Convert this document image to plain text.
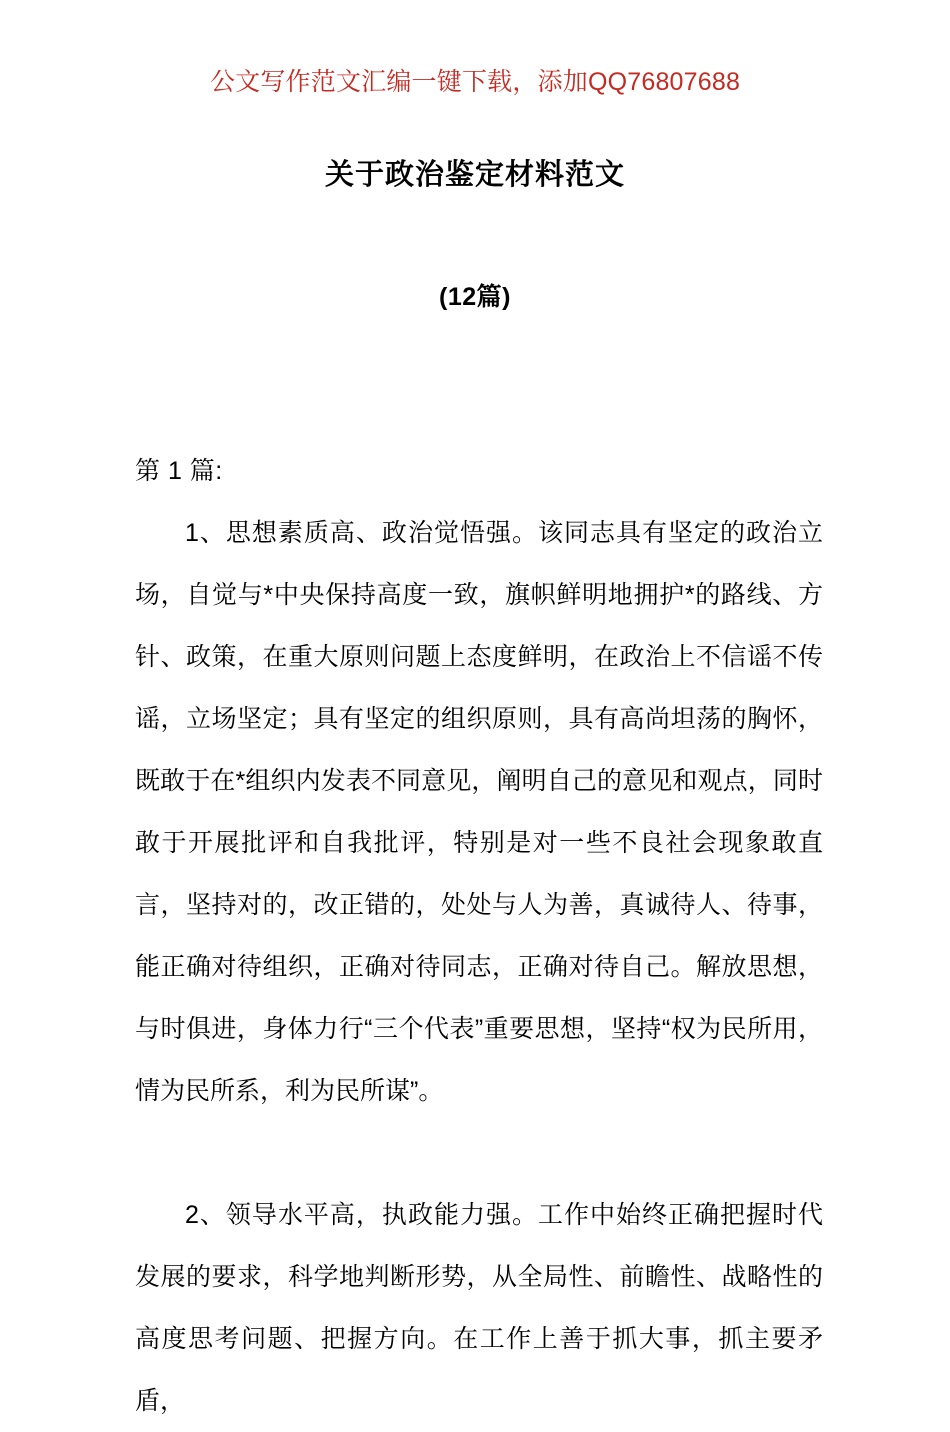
公文写作范文汇编一键下载，添加QQ76807688
关于政治鉴定材料范文
(12篇)
第 1 篇:

1、思想素质高、政治觉悟强。该同志具有坚定的政治立场，自觉与*中央保持高度一致，旗帜鲜明地拥护*的路线、方针、政策，在重大原则问题上态度鲜明，在政治上不信谣不传谣，立场坚定；具有坚定的组织原则，具有高尚坦荡的胸怀，既敢于在*组织内发表不同意见，阐明自己的意见和观点，同时敢于开展批评和自我批评，特别是对一些不良社会现象敢直言，坚持对的，改正错的，处处与人为善，真诚待人、待事，能正确对待组织，正确对待同志，正确对待自己。解放思想，与时俱进，身体力行“三个代表”重要思想，坚持“权为民所用，情为民所系，利为民所谋”。

2、领导水平高，执政能力强。工作中始终正确把握时代发展的要求，科学地判断形势，从全局性、前瞻性、战略性的高度思考问题、把握方向。在工作上善于抓大事，抓主要矛盾，
